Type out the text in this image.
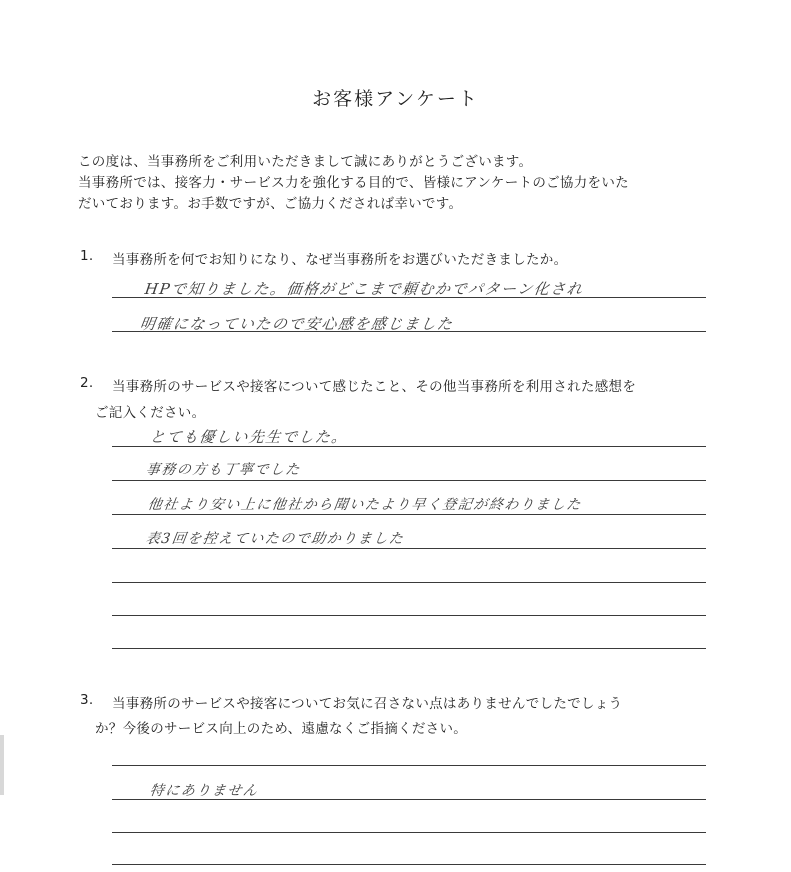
お客様アンケート
この度は、当事務所をご利用いただきまして誠にありがとうございます。
当事務所では、接客力・サービス力を強化する目的で、皆様にアンケートのご協力をいた
だいております。お手数ですが、ご協力くだされば幸いです。
1. 当事務所を何でお知りになり、なぜ当事務所をお選びいただきましたか。
HPで知りました。価格がどこまで頼むかでパターン化され
明確になっていたので安心感を感じました
2. 当事務所のサービスや接客について感じたこと、その他当事務所を利用された感想を
ご記入ください。
とても優しい先生でした。
事務の方も丁寧でした
他社より安い上に他社から聞いたより早く登記が終わりました
表3回を控えていたので助かりました
3. 当事務所のサービスや接客についてお気に召さない点はありませんでしたでしょう
か？今後のサービス向上のため、遠慮なくご指摘ください。
特にありません
